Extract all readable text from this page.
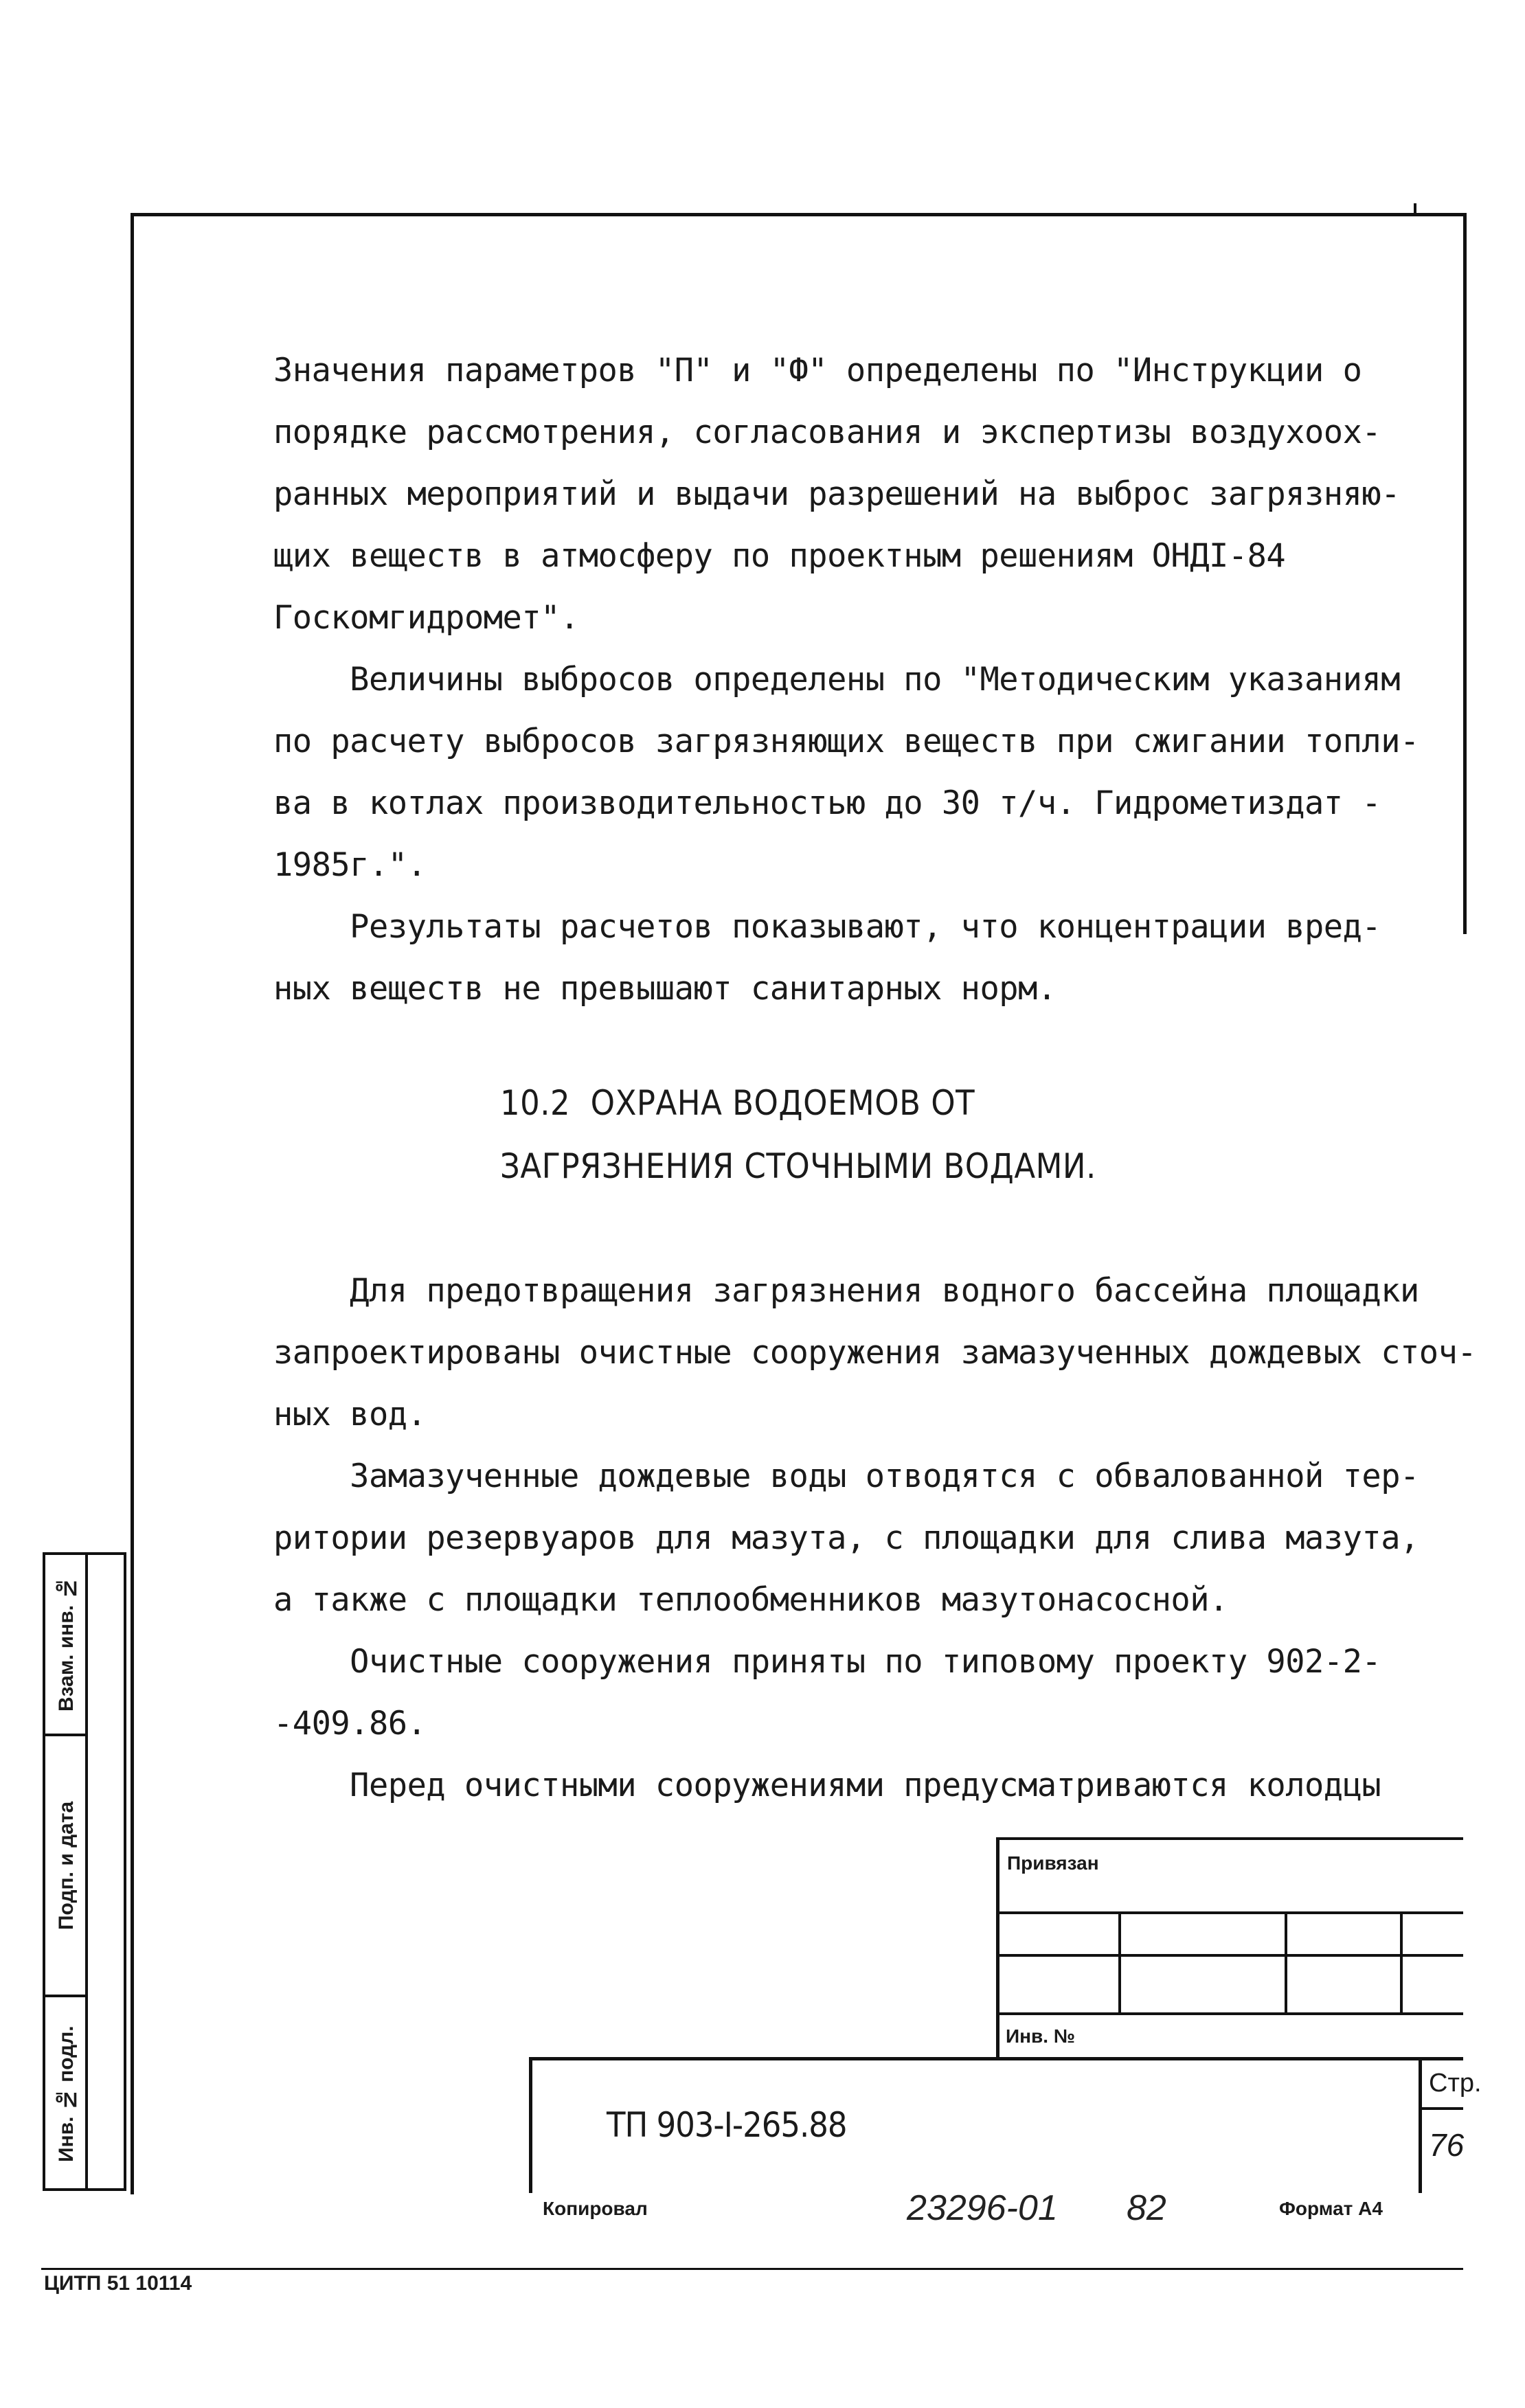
Значения параметров "П" и "Ф" определены по "Инструкции о

порядке рассмотрения, согласования и экспертизы воздухоох-

ранных мероприятий и выдачи разрешений на выброс загрязняю-

щих веществ в атмосферу по проектным решениям ОНДI-84

Госкомгидромет".

Величины выбросов определены по "Методическим указаниям

по расчету выбросов загрязняющих веществ при сжигании топли-

ва в котлах производительностью до 30 т/ч. Гидрометиздат -

1985г.".

Результаты расчетов показывают, что концентрации вред-

ных веществ не превышают санитарных норм.

10.2  ОХРАНА ВОДОЕМОВ ОТ

ЗАГРЯЗНЕНИЯ СТОЧНЫМИ ВОДАМИ.

Для предотвращения загрязнения водного бассейна площадки

запроектированы очистные сооружения замазученных дождевых сточ-

ных вод.

Замазученные дождевые воды отводятся с обвалованной тер-

ритории резервуаров для мазута, с площадки для слива мазута,

а также с площадки теплообменников мазутонасосной.

Очистные сооружения приняты по типовому проекту 902-2-

-409.86.

Перед очистными сооружениями предусматриваются колодцы

Взам. инв. №
Подп. и дата
Инв. № подл.
Привязан
Инв. №
ТП 903-I-265.88
Стр.
76
Копировал	23296-01 82	Формат А4
ЦИТП 51 10114
